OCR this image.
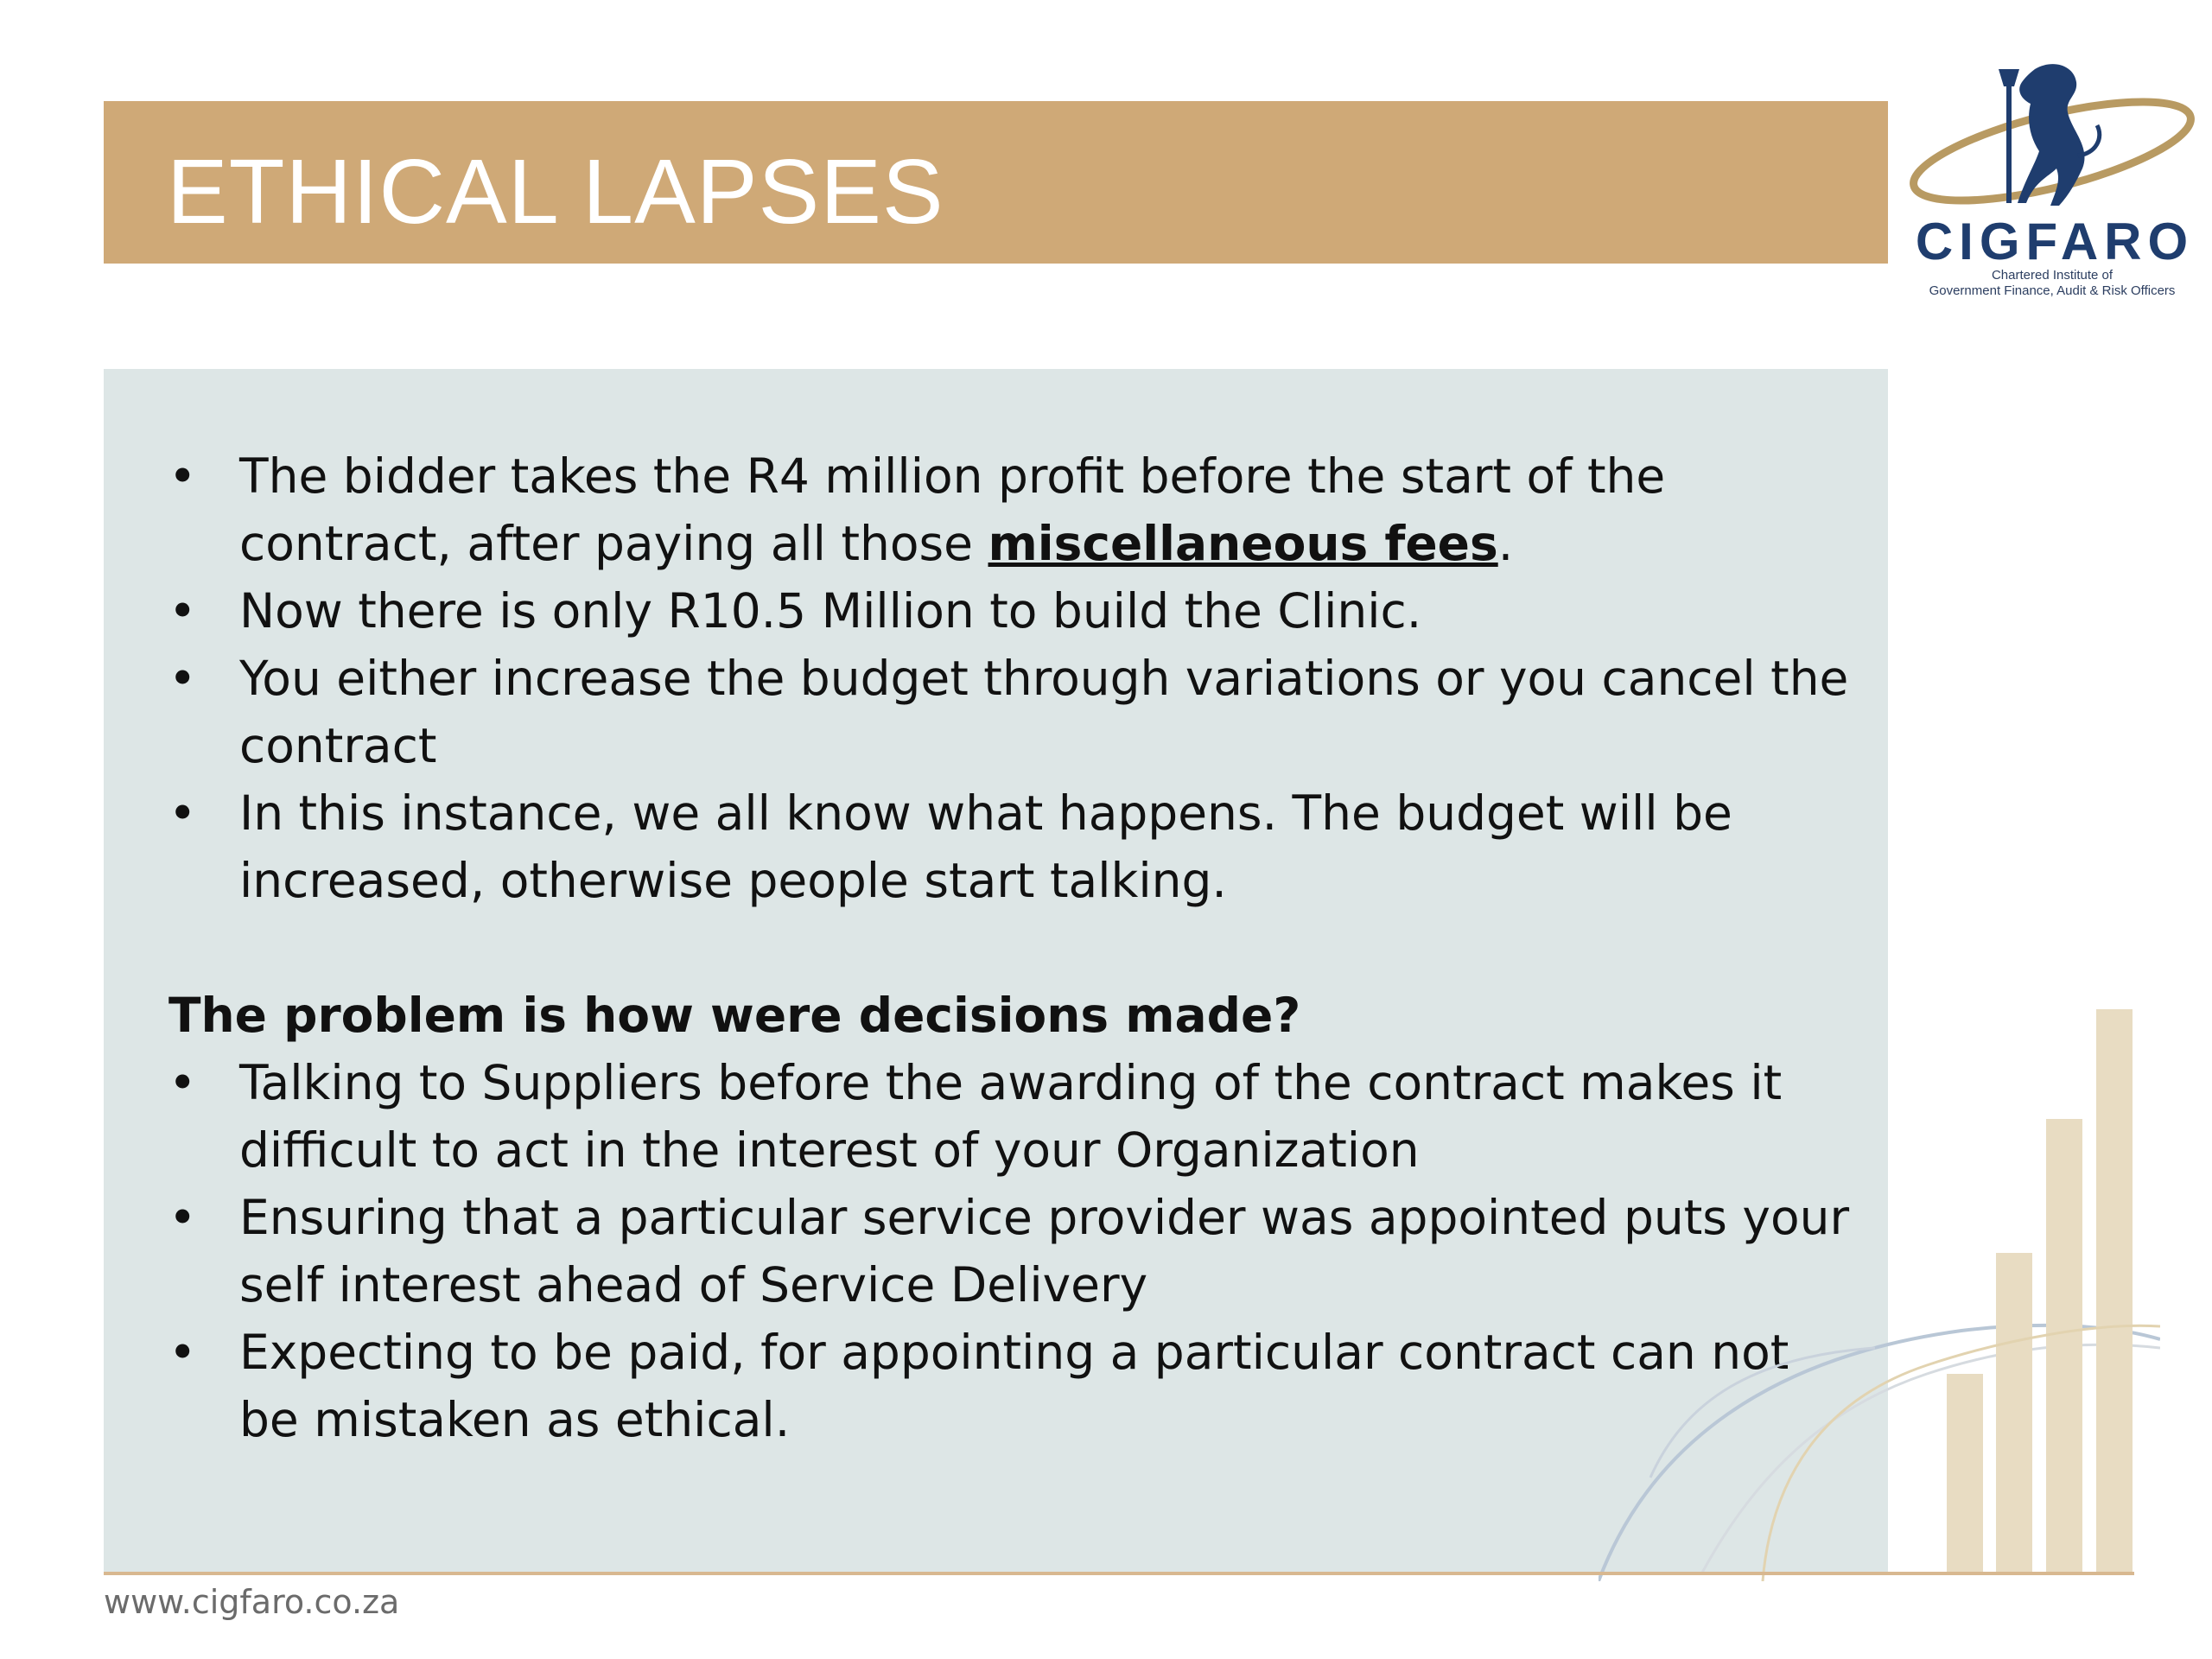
ETHICAL LAPSES	CIGFARO
Chartered Institute of
Government Finance, Audit & Risk Officers
• The bidder takes the R4 million profit before the start of the contract, after paying all those miscellaneous fees.
• Now there is only R10.5 Million to build the Clinic.
• You either increase the budget through variations or you cancel the contract
• In this instance, we all know what happens. The budget will be increased, otherwise people start talking.
The problem is how were decisions made?
• Talking to Suppliers before the awarding of the contract makes it difficult to act in the interest of your Organization
• Ensuring that a particular service provider was appointed puts your self interest ahead of Service Delivery
• Expecting to be paid, for appointing a particular contract can not be mistaken as ethical.
www.cigfaro.co.za
